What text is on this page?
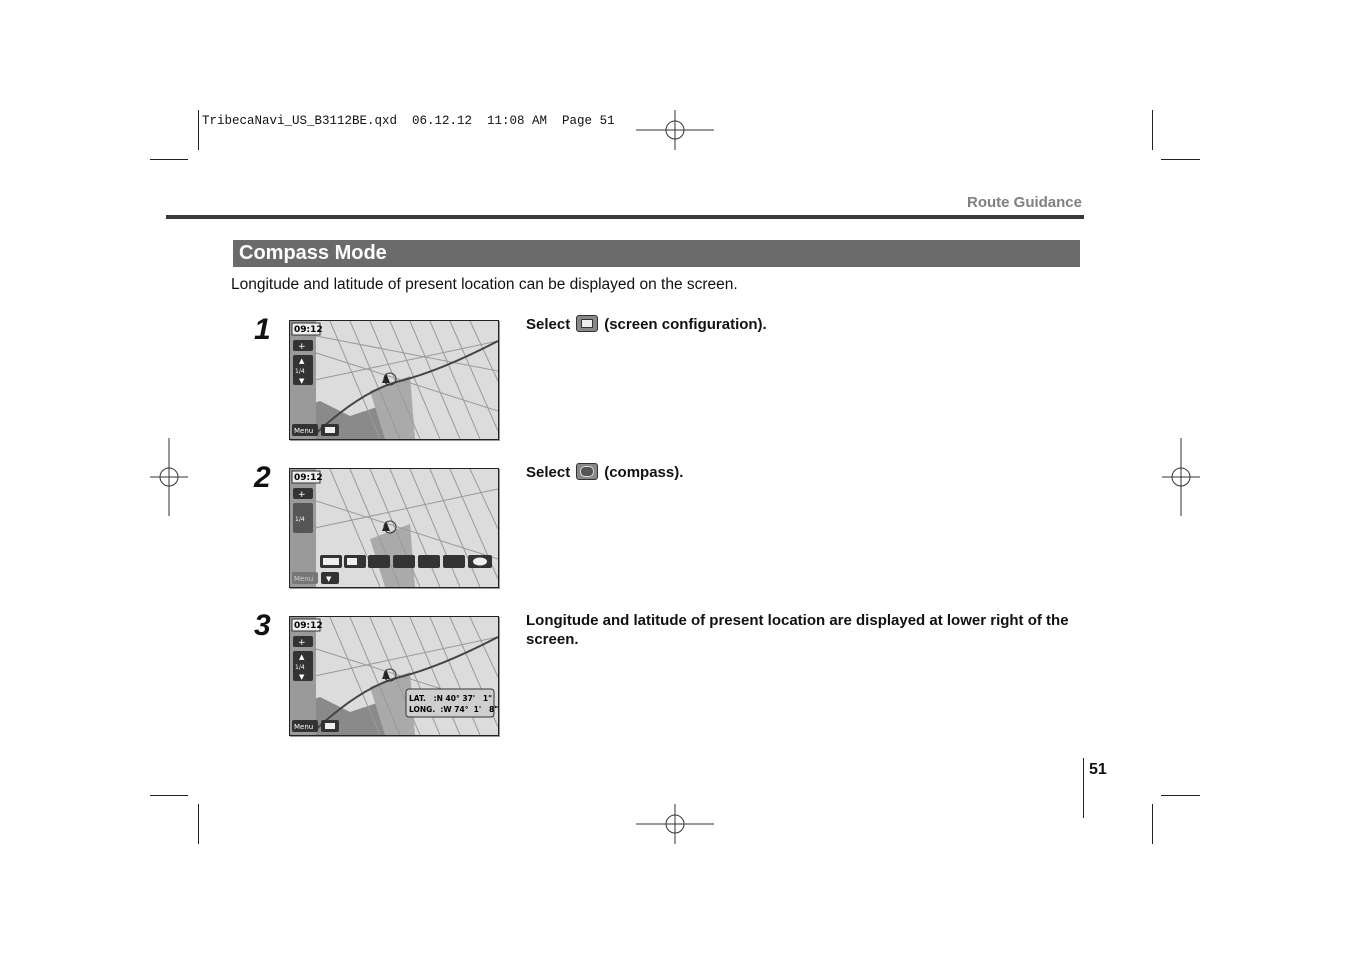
TribecaNavi_US_B3112BE.qxd  06.12.12  11:08 AM  Page 51
Route Guidance
Compass Mode
Longitude and latitude of present location can be displayed on the screen.
1	09:12
+
▲
1/4
▼
Menu
Select (screen configuration).
2	09:12
+
1/4
Menu ▼
Select (compass).
3	09:12
+
▲
1/4
▼
LAT.   :N 40° 37'   1"
LONG.  :W 74°  1'   8"
Menu
Longitude and latitude of present location are displayed at lower right of the screen.
51
